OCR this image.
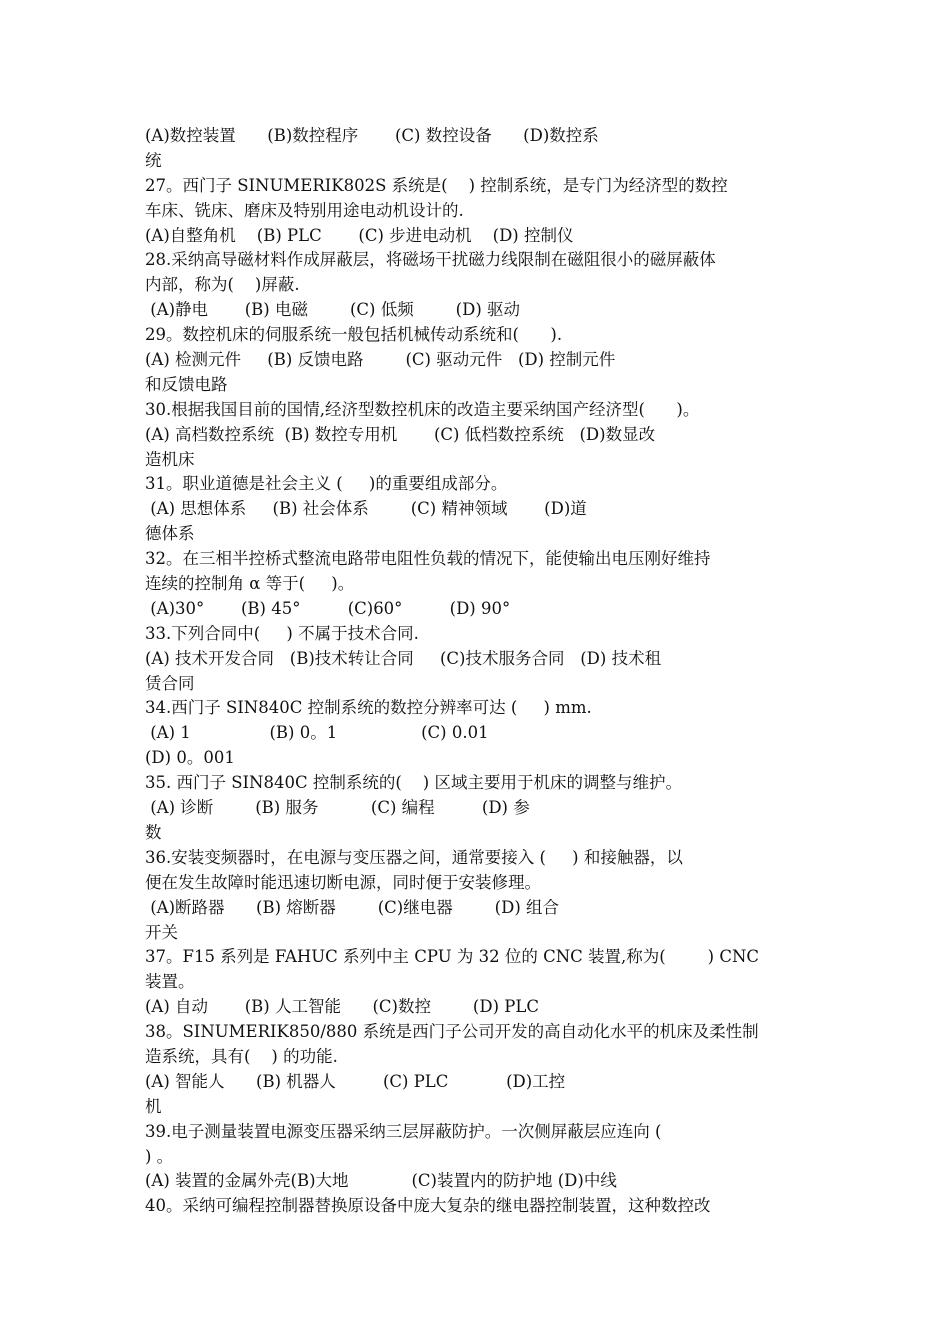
(A)数控装置      (B)数控程序       (C) 数控设备      (D)数控系
统
27。西门子 SINUMERIK802S 系统是(    ) 控制系统，是专门为经济型的数控
车床、铣床、磨床及特别用途电动机设计的.
(A)自整角机    (B) PLC       (C) 步进电动机    (D) 控制仪
28.采纳高导磁材料作成屏蔽层，将磁场干扰磁力线限制在磁阻很小的磁屏蔽体
内部，称为(    )屏蔽.
(A)静电       (B) 电磁        (C) 低频        (D) 驱动
29。数控机床的伺服系统一般包括机械传动系统和(      ).
(A) 检测元件     (B) 反馈电路        (C) 驱动元件   (D) 控制元件
和反馈电路
30.根据我国目前的国情,经济型数控机床的改造主要采纳国产经济型(      )。
(A) 高档数控系统  (B) 数控专用机       (C) 低档数控系统   (D)数显改
造机床
31。职业道德是社会主义 (     )的重要组成部分。
(A) 思想体系     (B) 社会体系        (C) 精神领域       (D)道
德体系
32。在三相半控桥式整流电路带电阻性负载的情况下，能使输出电压刚好维持
连续的控制角 α 等于(     )。
(A)30°       (B) 45°         (C)60°         (D) 90°
33.下列合同中(     ) 不属于技术合同.
(A) 技术开发合同   (B)技术转让合同     (C)技术服务合同   (D) 技术租
赁合同
34.西门子 SIN840C 控制系统的数控分辨率可达 (     ) mm.
(A) 1               (B) 0。1                (C) 0.01
(D) 0。001
35. 西门子 SIN840C 控制系统的(    ) 区域主要用于机床的调整与维护。
(A) 诊断        (B) 服务          (C) 编程         (D) 参
数
36.安装变频器时，在电源与变压器之间，通常要接入 (     ) 和接触器，以
便在发生故障时能迅速切断电源，同时便于安装修理。
(A)断路器      (B) 熔断器        (C)继电器        (D) 组合
开关
37。F15 系列是 FAHUC 系列中主 CPU 为 32 位的 CNC 装置,称为(        ) CNC
装置。
(A) 自动       (B) 人工智能      (C)数控        (D) PLC
38。SINUMERIK850/880 系统是西门子公司开发的高自动化水平的机床及柔性制
造系统，具有(    ) 的功能.
(A) 智能人      (B) 机器人         (C) PLC           (D)工控
机
39.电子测量装置电源变压器采纳三层屏蔽防护。一次侧屏蔽层应连向 (
) 。
(A) 装置的金属外壳(B)大地            (C)装置内的防护地 (D)中线
40。采纳可编程控制器替换原设备中庞大复杂的继电器控制装置，这种数控改
